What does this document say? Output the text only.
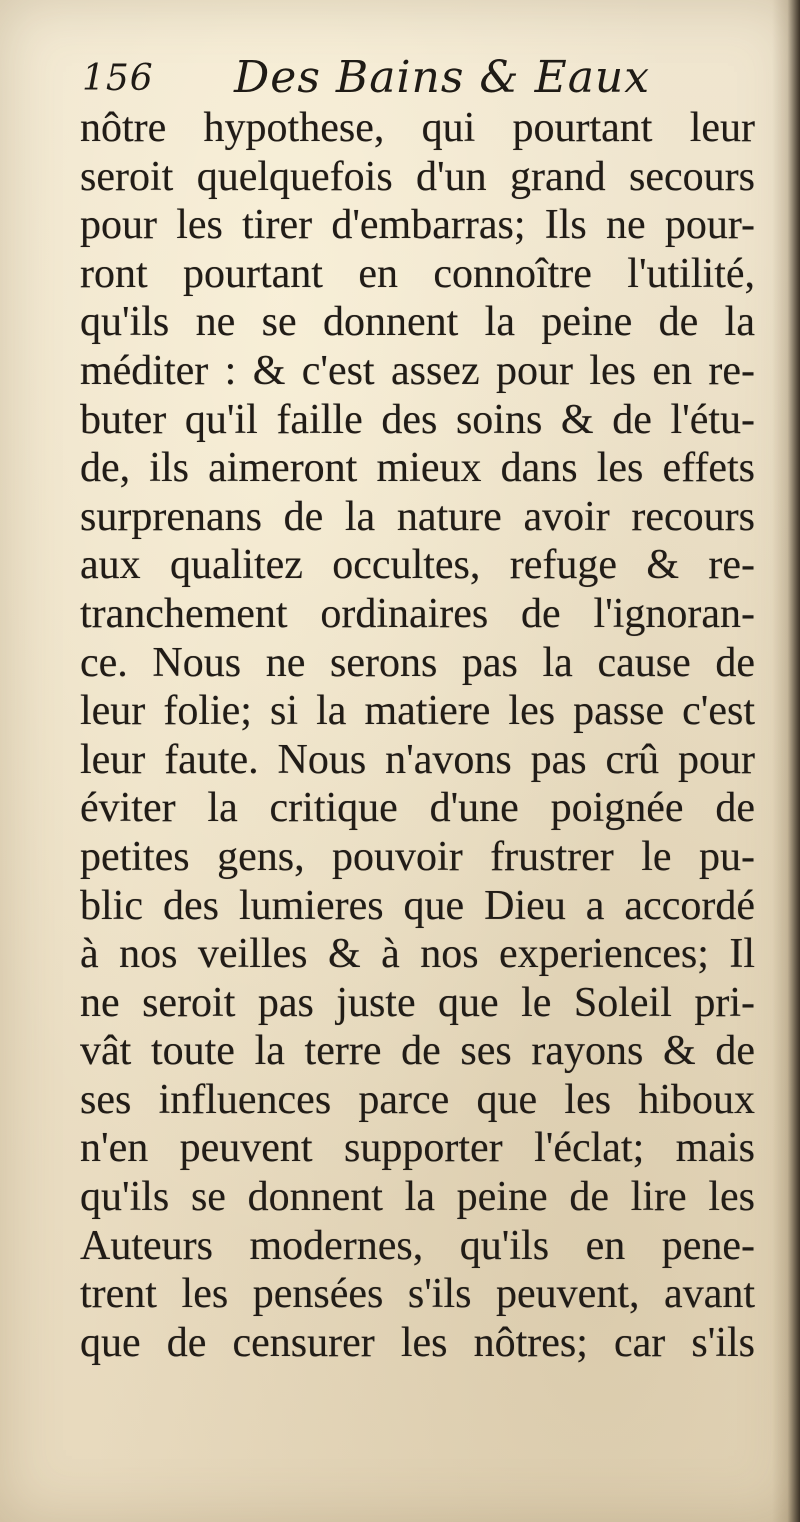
156 Des Bains & Eaux
nôtre hypothese, qui pourtant leur
seroit quelquefois d'un grand secours
pour les tirer d'embarras; Ils ne pour-
ront pourtant en connoître l'utilité,
qu'ils ne se donnent la peine de la
méditer : & c'est assez pour les en re-
buter qu'il faille des soins & de l'étu-
de, ils aimeront mieux dans les effets
surprenans de la nature avoir recours
aux qualitez occultes, refuge & re-
tranchement ordinaires de l'ignoran-
ce. Nous ne serons pas la cause de
leur folie; si la matiere les passe c'est
leur faute. Nous n'avons pas crû pour
éviter la critique d'une poignée de
petites gens, pouvoir frustrer le pu-
blic des lumieres que Dieu a accordé
à nos veilles & à nos experiences; Il
ne seroit pas juste que le Soleil pri-
vât toute la terre de ses rayons & de
ses influences parce que les hiboux
n'en peuvent supporter l'éclat; mais
qu'ils se donnent la peine de lire les
Auteurs modernes, qu'ils en pene-
trent les pensées s'ils peuvent, avant
que de censurer les nôtres; car s'ils
